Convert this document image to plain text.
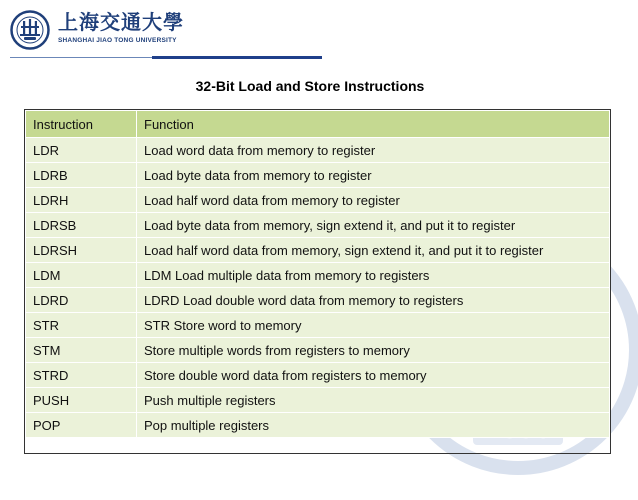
上海交通大學
SHANGHAI JIAO TONG UNIVERSITY
32-Bit Load and Store Instructions
Instruction	Function
LDR	Load word data from memory to register
LDRB	Load byte data from memory to register
LDRH	Load half word data from memory to register
LDRSB	Load byte data from memory, sign extend it, and put it to register
LDRSH	Load half word data from memory, sign extend it, and put it to register
LDM	LDM Load multiple data from memory to registers
LDRD	LDRD Load double word data from memory to registers
STR	STR Store word to memory
STM	Store multiple words from registers to memory
STRD	Store double word data from registers to memory
PUSH	Push multiple registers
POP	Pop multiple registers
